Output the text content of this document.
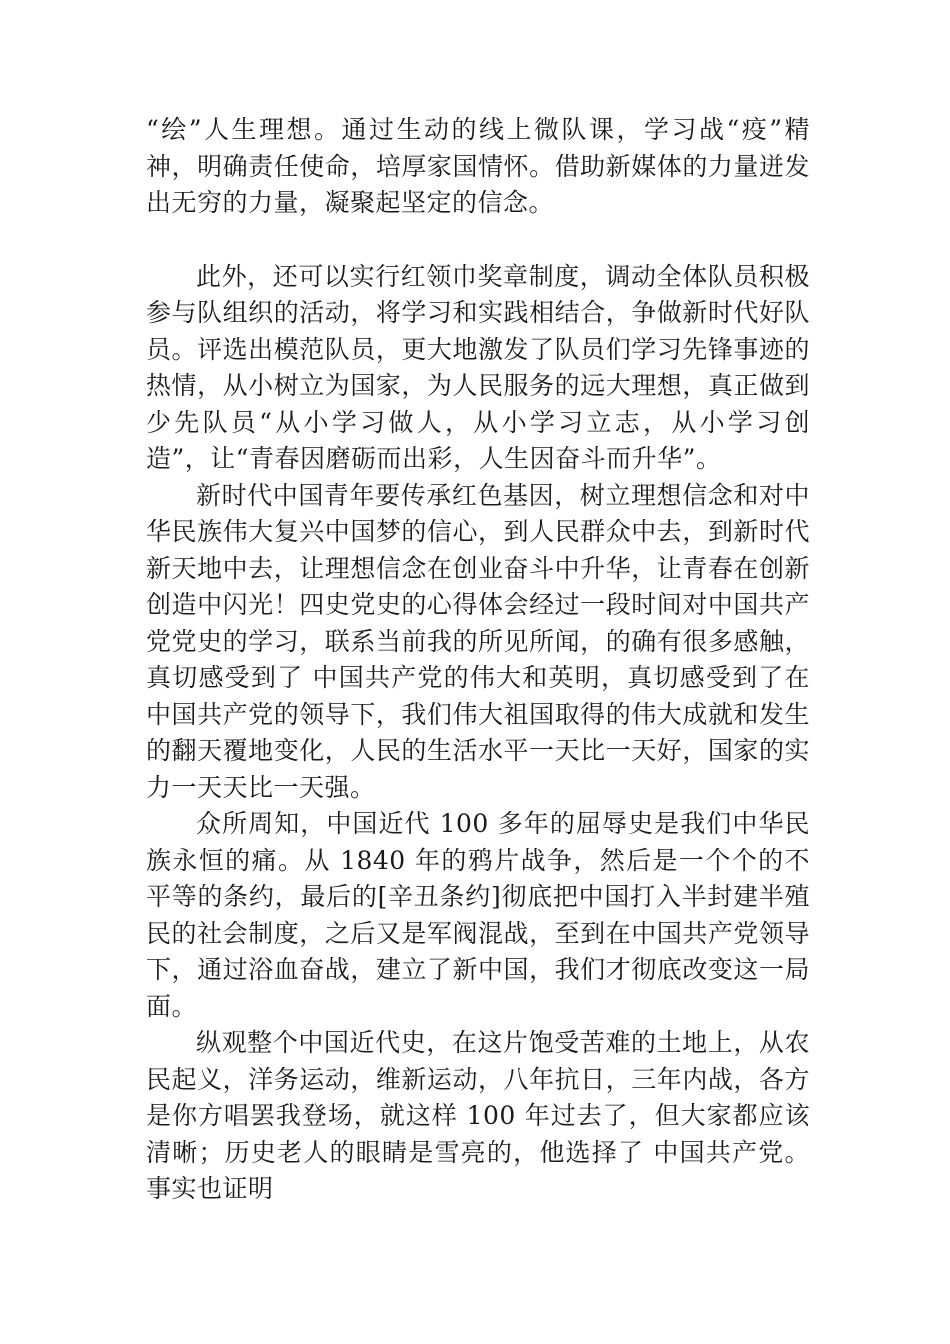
“绘”人生理想。通过生动的线上微队课，学习战“疫”精神，明确责任使命，培厚家国情怀。借助新媒体的力量迸发出无穷的力量，凝聚起坚定的信念。

此外，还可以实行红领巾奖章制度，调动全体队员积极参与队组织的活动，将学习和实践相结合，争做新时代好队员。评选出模范队员，更大地激发了队员们学习先锋事迹的热情，从小树立为国家，为人民服务的远大理想，真正做到少先队员“从小学习做人，从小学习立志，从小学习创造”，让“青春因磨砺而出彩，人生因奋斗而升华”。

新时代中国青年要传承红色基因，树立理想信念和对中华民族伟大复兴中国梦的信心，到人民群众中去，到新时代新天地中去，让理想信念在创业奋斗中升华，让青春在创新创造中闪光！四史党史的心得体会经过一段时间对中国共产党党史的学习，联系当前我的所见所闻，的确有很多感触，真切感受到了 中国共产党的伟大和英明，真切感受到了在中国共产党的领导下，我们伟大祖国取得的伟大成就和发生的翻天覆地变化，人民的生活水平一天比一天好，国家的实力一天天比一天强。

众所周知，中国近代 100 多年的屈辱史是我们中华民族永恒的痛。从 1840 年的鸦片战争，然后是一个个的不平等的条约，最后的[辛丑条约]彻底把中国打入半封建半殖民的社会制度，之后又是军阀混战，至到在中国共产党领导下，通过浴血奋战，建立了新中国，我们才彻底改变这一局面。

纵观整个中国近代史，在这片饱受苦难的土地上，从农民起义，洋务运动，维新运动，八年抗日，三年内战，各方是你方唱罢我登场，就这样 100 年过去了，但大家都应该清晰；历史老人的眼睛是雪亮的，他选择了 中国共产党。事实也证明
